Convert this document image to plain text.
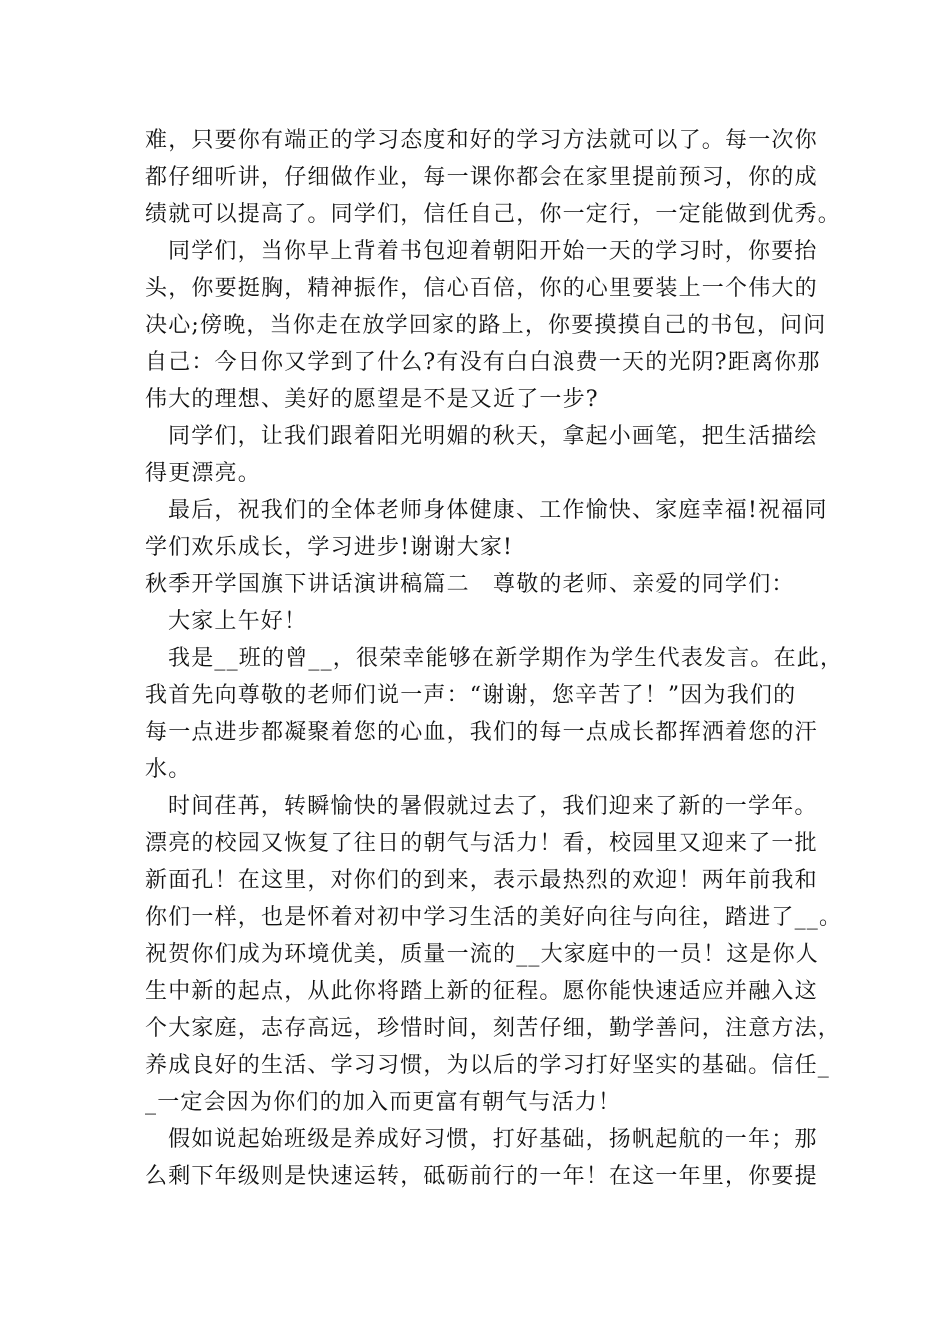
难，只要你有端正的学习态度和好的学习方法就可以了。每一次你
都仔细听讲，仔细做作业，每一课你都会在家里提前预习，你的成
绩就可以提高了。同学们，信任自己，你一定行，一定能做到优秀。
同学们，当你早上背着书包迎着朝阳开始一天的学习时，你要抬
头，你要挺胸，精神振作，信心百倍，你的心里要装上一个伟大的
决心;傍晚，当你走在放学回家的路上，你要摸摸自己的书包，问问
自己：今日你又学到了什么?有没有白白浪费一天的光阴?距离你那
伟大的理想、美好的愿望是不是又近了一步?
同学们，让我们跟着阳光明媚的秋天，拿起小画笔，把生活描绘
得更漂亮。
最后，祝我们的全体老师身体健康、工作愉快、家庭幸福!祝福同
学们欢乐成长，学习进步!谢谢大家!
秋季开学国旗下讲话演讲稿篇二　尊敬的老师、亲爱的同学们：
大家上午好！
我是__班的曾__，很荣幸能够在新学期作为学生代表发言。在此，
我首先向尊敬的老师们说一声：“谢谢，您辛苦了！”因为我们的
每一点进步都凝聚着您的心血，我们的每一点成长都挥洒着您的汗
水。
时间荏苒，转瞬愉快的暑假就过去了，我们迎来了新的一学年。
漂亮的校园又恢复了往日的朝气与活力！看，校园里又迎来了一批
新面孔！在这里，对你们的到来，表示最热烈的欢迎！两年前我和
你们一样，也是怀着对初中学习生活的美好向往与向往，踏进了__。
祝贺你们成为环境优美，质量一流的__大家庭中的一员！这是你人
生中新的起点，从此你将踏上新的征程。愿你能快速适应并融入这
个大家庭，志存高远，珍惜时间，刻苦仔细，勤学善问，注意方法，
养成良好的生活、学习习惯，为以后的学习打好坚实的基础。信任_
_一定会因为你们的加入而更富有朝气与活力！
假如说起始班级是养成好习惯，打好基础，扬帆起航的一年；那
么剩下年级则是快速运转，砥砺前行的一年！在这一年里，你要提
